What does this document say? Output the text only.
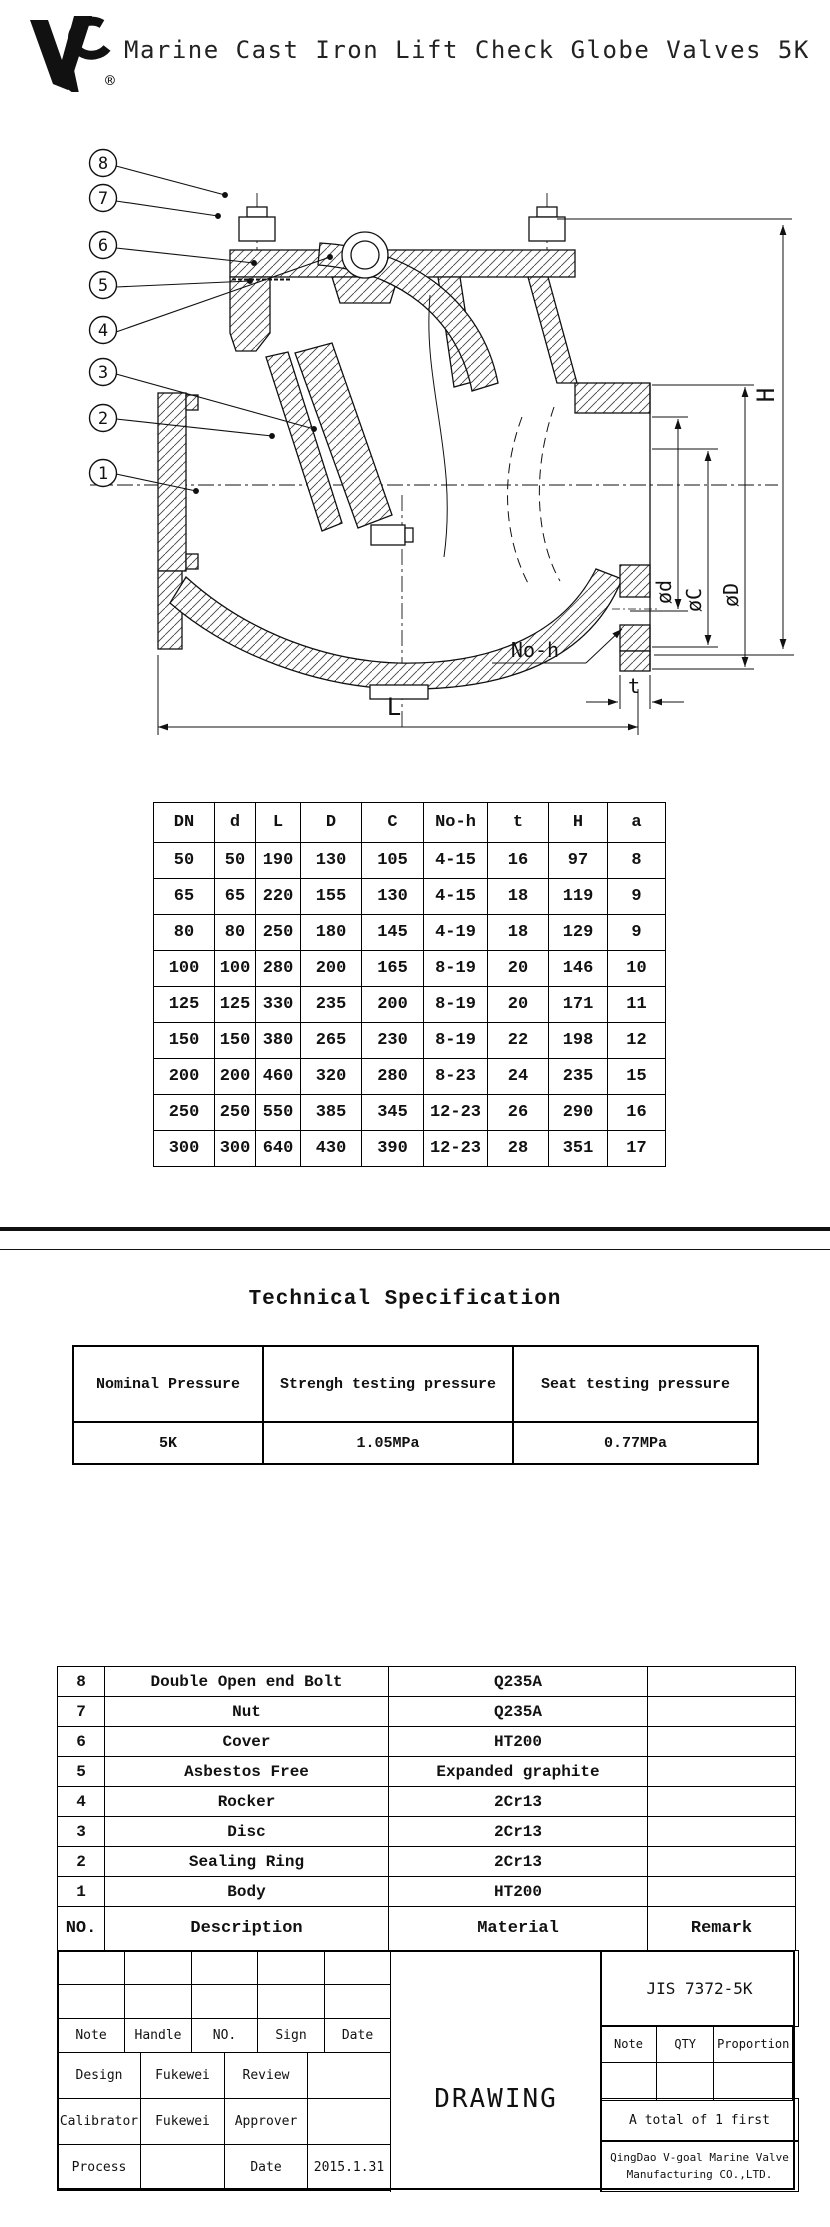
®
Marine Cast Iron Lift Check Globe Valves 5K
H
ød øC øD
L
t
No-h
8
7
6
5
4
3
2
1
DN	d	L	D	C	No-h	t	H	a
50	50	190	130	105	4-15	16	97	8
65	65	220	155	130	4-15	18	119	9
80	80	250	180	145	4-19	18	129	9
100	100	280	200	165	8-19	20	146	10
125	125	330	235	200	8-19	20	171	11
150	150	380	265	230	8-19	22	198	12
200	200	460	320	280	8-23	24	235	15
250	250	550	385	345	12-23	26	290	16
300	300	640	430	390	12-23	28	351	17
Technical Specification
Nominal Pressure	Strengh testing pressure	Seat testing pressure
5K	1.05MPa	0.77MPa
8	Double Open end Bolt	Q235A	
7	Nut	Q235A	
6	Cover	HT200	
5	Asbestos Free	Expanded graphite	
4	Rocker	2Cr13	
3	Disc	2Cr13	
2	Sealing Ring	2Cr13	
1	Body	HT200	
NO.	Description	Material	Remark

Note	Handle	NO.	Sign	Date
Design	Fukewei	Review	
Calibrator	Fukewei	Approver	
Process		Date	2015.1.31
DRAWING
JIS 7372-5K
Note	QTY	Proportion

A total of 1 first
QingDao V-goal Marine Valve
Manufacturing CO.,LTD.
